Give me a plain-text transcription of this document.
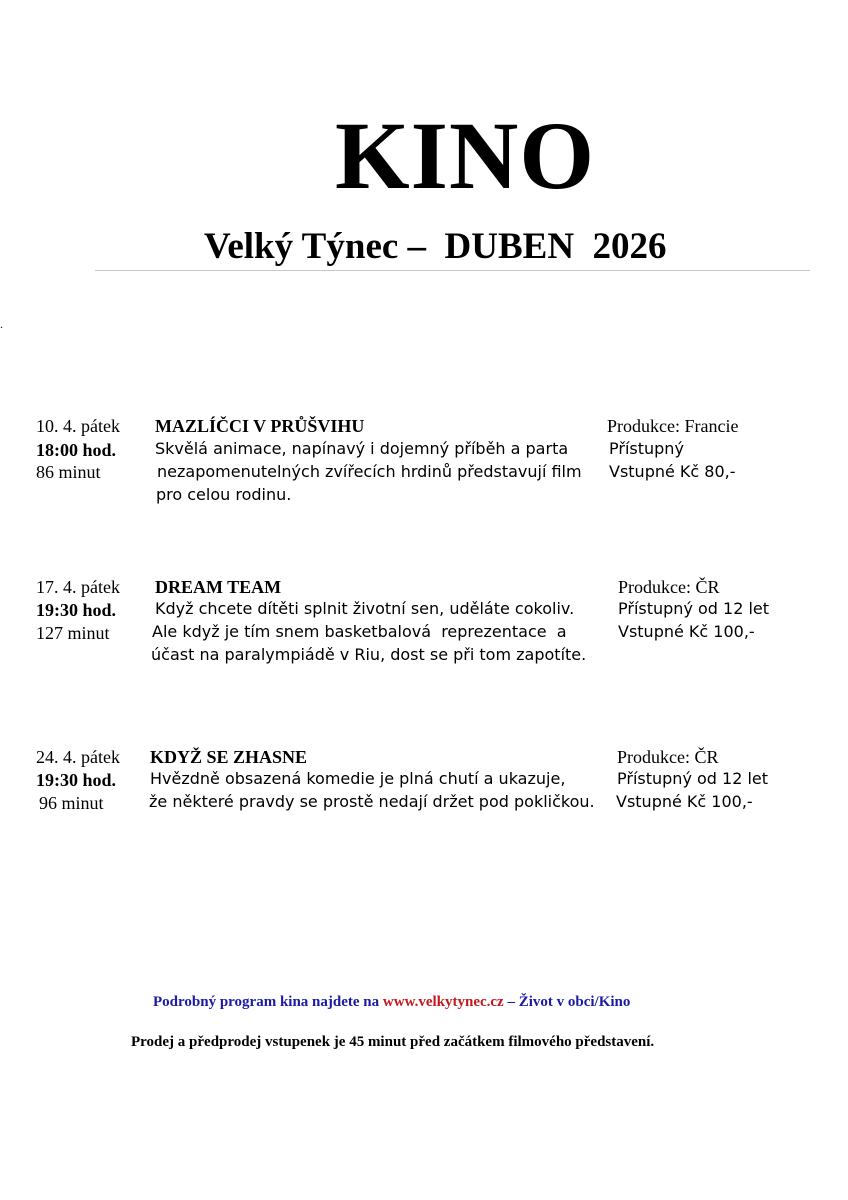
KINO
Velký Týnec –  DUBEN  2026
.
10. 4. pátek
18:00 hod.
86 minut
MAZLÍČCI V PRŮŠVIHU
Skvělá animace, napínavý i dojemný příběh a parta
nezapomenutelných zvířecích hrdinů představují film
pro celou rodinu.
Produkce: Francie
Přístupný
Vstupné Kč 80,-
17. 4. pátek
19:30 hod.
127 minut
DREAM TEAM
Když chcete dítěti splnit životní sen, uděláte cokoliv.
Ale když je tím snem basketbalová  reprezentace  a
účast na paralympiádě v Riu, dost se při tom zapotíte.
Produkce: ČR
Přístupný od 12 let
Vstupné Kč 100,-
24. 4. pátek
19:30 hod.
96 minut
KDYŽ SE ZHASNE
Hvězdně obsazená komedie je plná chutí a ukazuje,
že některé pravdy se prostě nedají držet pod pokličkou.
Produkce: ČR
Přístupný od 12 let
Vstupné Kč 100,-
Podrobný program kina najdete na www.velkytynec.cz – Život v obci/Kino
Prodej a předprodej vstupenek je 45 minut před začátkem filmového představení.
